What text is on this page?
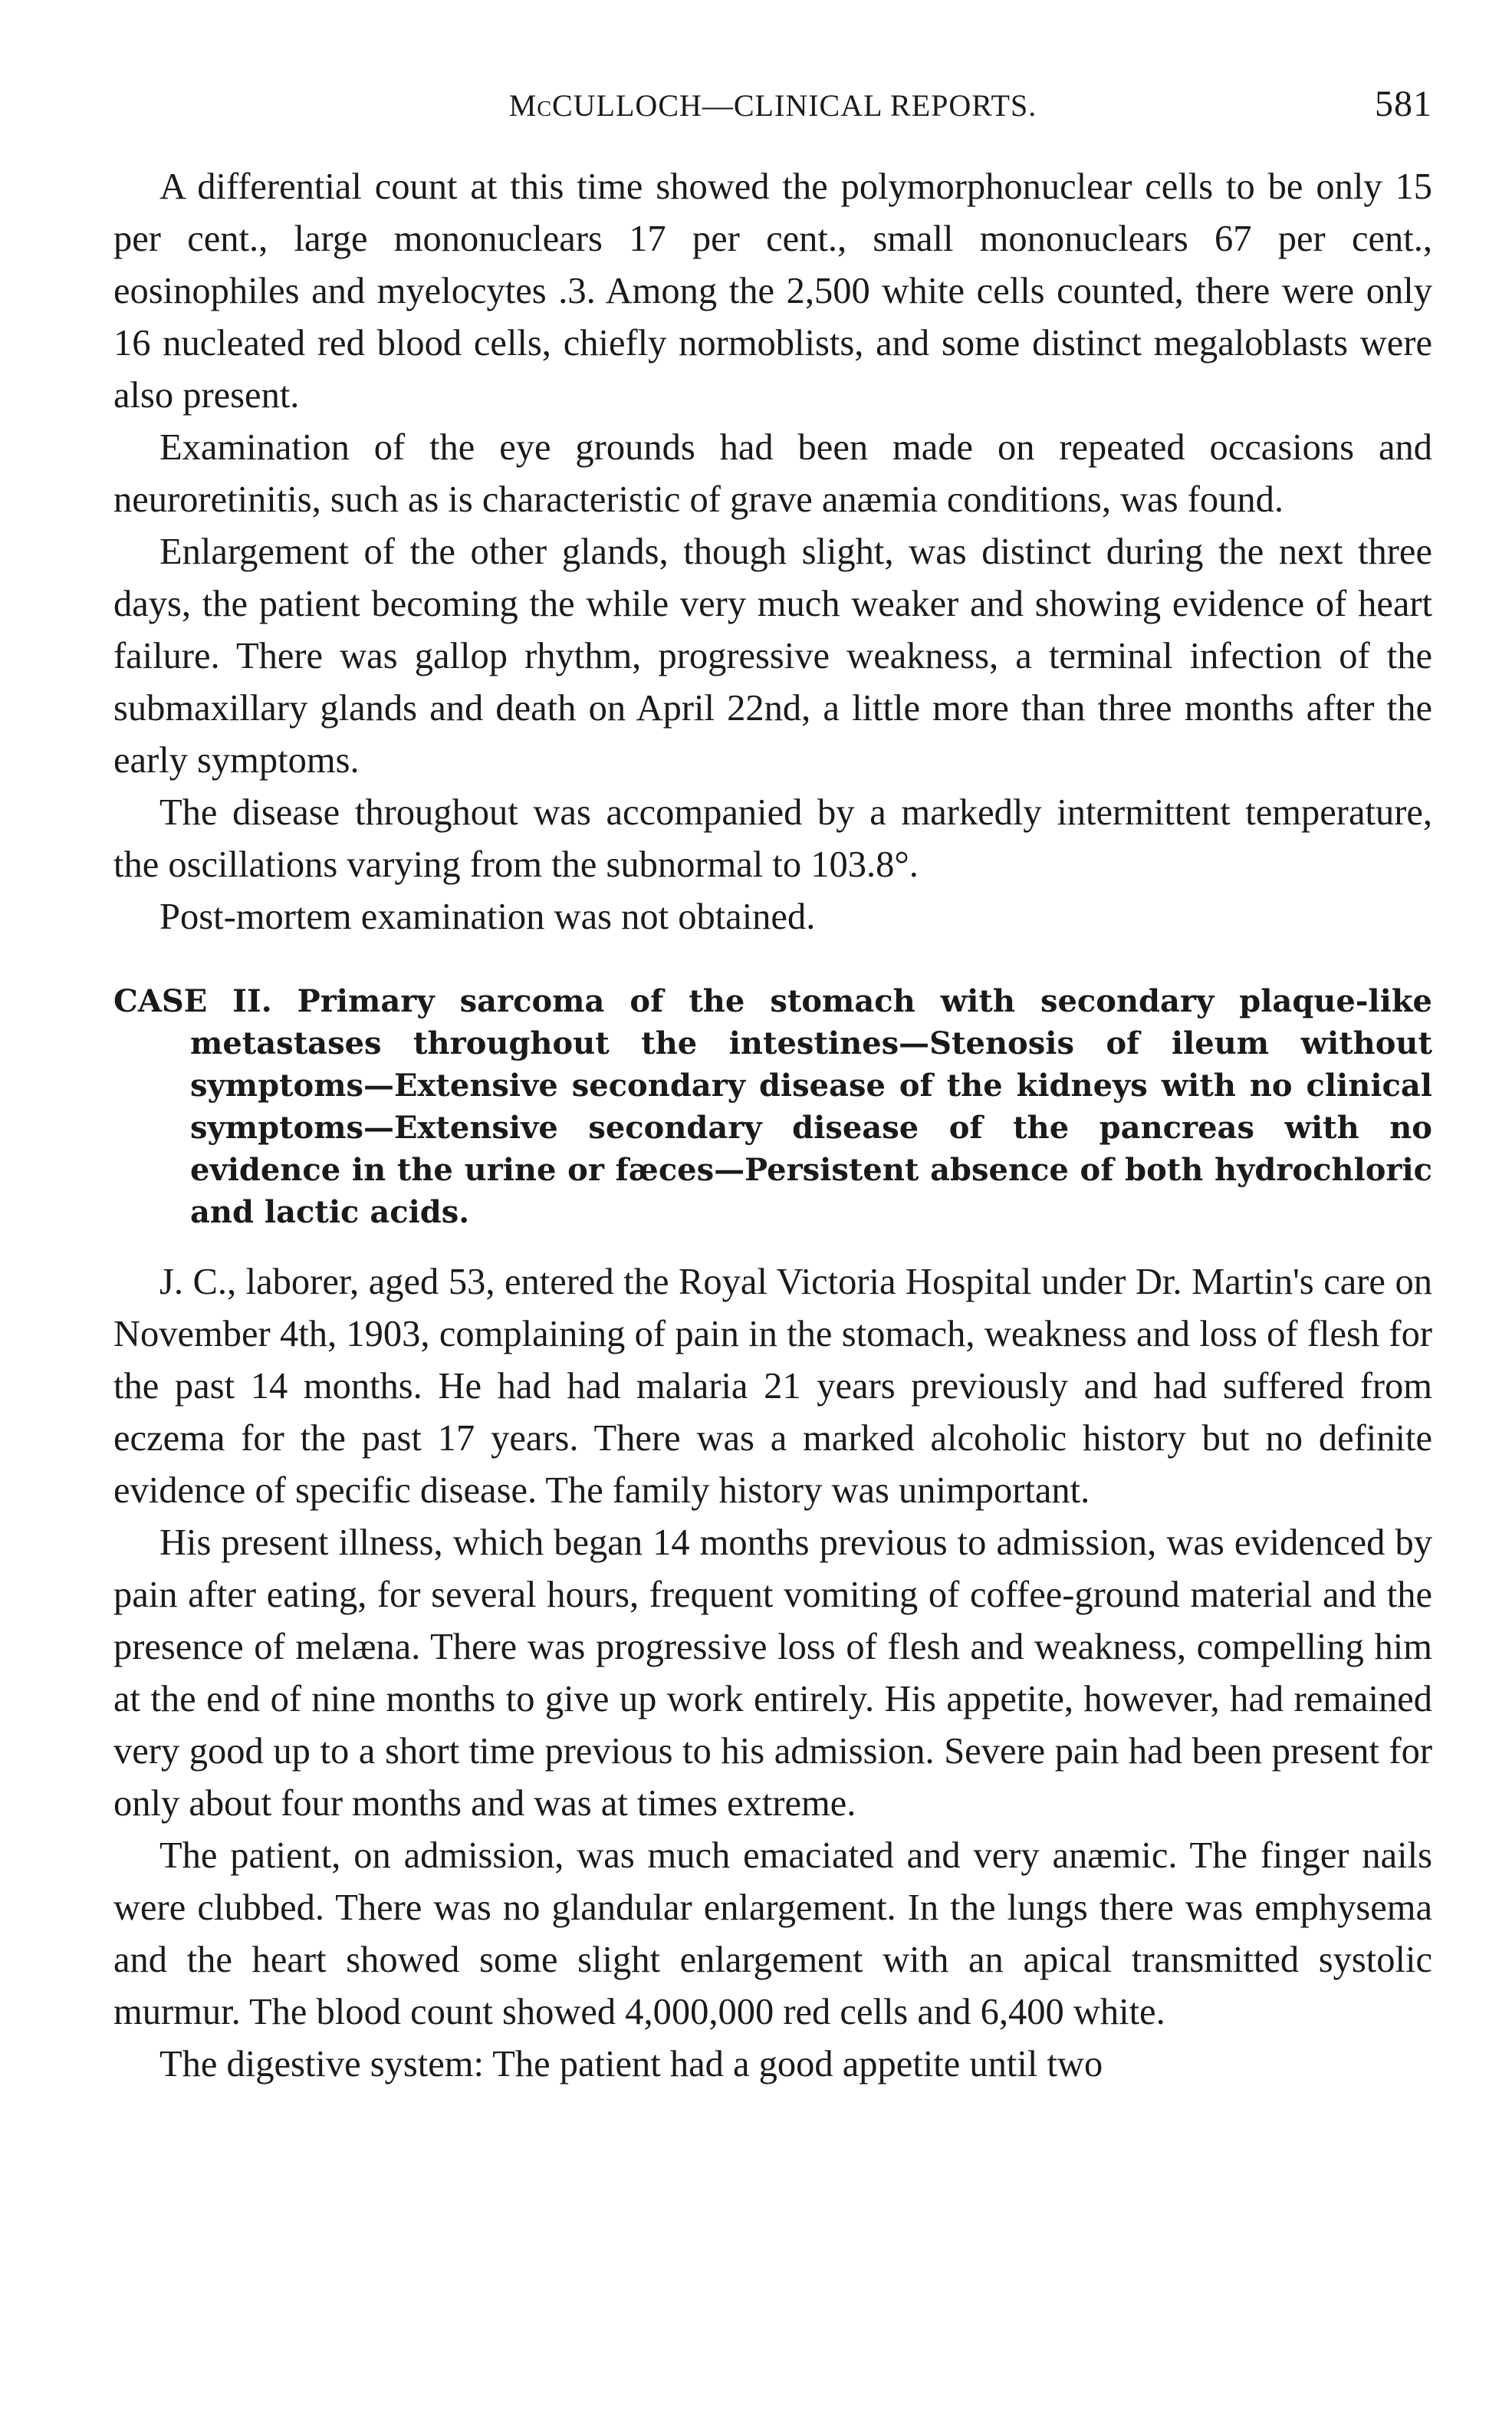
McCULLOCH—CLINICAL REPORTS.	581

A differential count at this time showed the polymorphonuclear cells to be only 15 per cent., large mononuclears 17 per cent., small mononuclears 67 per cent., eosinophiles and myelocytes .3. Among the 2,500 white cells counted, there were only 16 nucleated red blood cells, chiefly normoblists, and some distinct megaloblasts were also present.

Examination of the eye grounds had been made on repeated occasions and neuroretinitis, such as is characteristic of grave anæmia conditions, was found.

Enlargement of the other glands, though slight, was distinct during the next three days, the patient becoming the while very much weaker and showing evidence of heart failure. There was gallop rhythm, progressive weakness, a terminal infection of the submaxillary glands and death on April 22nd, a little more than three months after the early symptoms.

The disease throughout was accompanied by a markedly intermittent temperature, the oscillations varying from the subnormal to 103.8°.

Post-mortem examination was not obtained.

CASE II. Primary sarcoma of the stomach with secondary plaque-like metastases throughout the intestines—Stenosis of ileum without symptoms—Extensive secondary disease of the kidneys with no clinical symptoms—Extensive secondary disease of the pancreas with no evidence in the urine or fæces—Persistent absence of both hydrochloric and lactic acids.

J. C., laborer, aged 53, entered the Royal Victoria Hospital under Dr. Martin's care on November 4th, 1903, complaining of pain in the stomach, weakness and loss of flesh for the past 14 months. He had had malaria 21 years previously and had suffered from eczema for the past 17 years. There was a marked alcoholic history but no definite evidence of specific disease. The family history was unimportant.

His present illness, which began 14 months previous to admission, was evidenced by pain after eating, for several hours, frequent vomiting of coffee-ground material and the presence of melæna. There was progressive loss of flesh and weakness, compelling him at the end of nine months to give up work entirely. His appetite, however, had remained very good up to a short time previous to his admission. Severe pain had been present for only about four months and was at times extreme.

The patient, on admission, was much emaciated and very anæmic. The finger nails were clubbed. There was no glandular enlargement. In the lungs there was emphysema and the heart showed some slight enlargement with an apical transmitted systolic murmur. The blood count showed 4,000,000 red cells and 6,400 white.

The digestive system: The patient had a good appetite until two
